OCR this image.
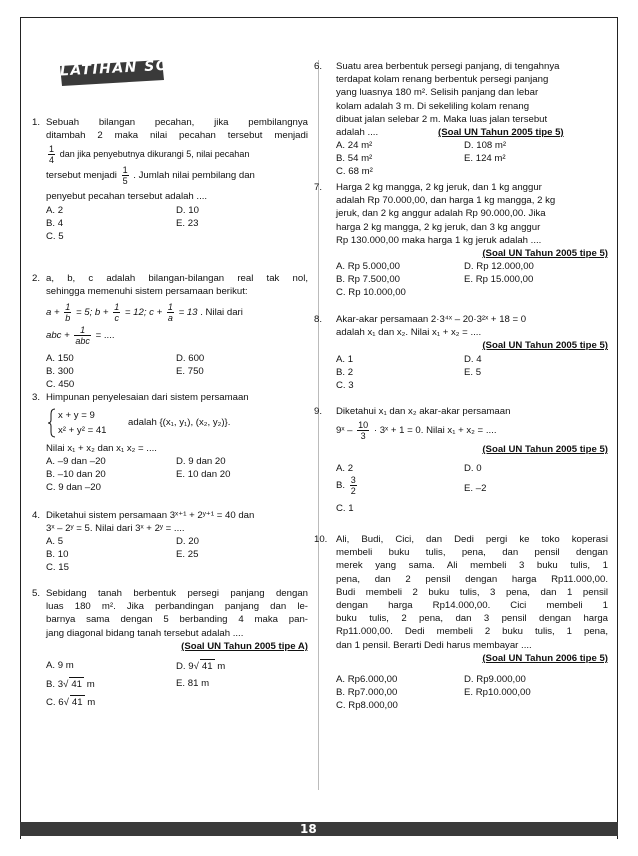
LATIHAN SOAL
1. Sebuah bilangan pecahan, jika pembilangnya
ditambah 2 maka nilai pecahan tersebut menjadi
$\frac{1}{4}$ dan jika penyebutnya dikurangi 5, nilai pecahan
tersebut menjadi $\frac{1}{5}$ . Jumlah nilai pembilang dan
penyebut pecahan tersebut adalah ....
A. 2
B. 4
C. 5
D. 10
E. 23
2. a, b, c adalah bilangan-bilangan real tak nol,
sehingga memenuhi sistem persamaan berikut:
$a + \frac{1}{b} = 5$; $b + \frac{1}{c} = 12$; $c + \frac{1}{a} = 13$ . Nilai dari
abc + $\frac{1}{\text{abc}}$ = ....
A. 150
B. 300
C. 450
D. 600
E. 750
3. Himpunan penyelesaian dari sistem persamaan
x + y = 9
x² + y² = 41
adalah {(x₁, y₁), (x₂, y₂)}.
Nilai x₁ + x₂ dan x₁ x₂ = ....
A. –9 dan –20
B. –10 dan 20
C. 9 dan –20
D. 9 dan 20
E. 10 dan 20
4. Diketahui sistem persamaan 3ˣ⁺¹ + 2ʸ⁺¹ = 40 dan
3ˣ – 2ʸ = 5. Nilai dari 3ˣ + 2ʸ = ....
A. 5
B. 10
C. 15
D. 20
E. 25
5. Sebidang tanah berbentuk persegi panjang dengan
luas 180 m². Jika perbandingan panjang dan le-
barnya sama dengan 5 berbanding 4 maka pan-
jang diagonal bidang tanah tersebut adalah ....
(Soal UN Tahun 2005 tipe A)
A. 9 m
B. 3√ 41 m
C. 6√ 41 m
D. 9√ 41 m
E. 81 m
6. Suatu area berbentuk persegi panjang, di tengahnya
terdapat kolam renang berbentuk persegi panjang
yang luasnya 180 m². Selisih panjang dan lebar
kolam adalah 3 m. Di sekeliling kolam renang
dibuat jalan selebar 2 m. Maka luas jalan tersebut
adalah ....	(Soal UN Tahun 2005 tipe 5)
A. 24 m²
B. 54 m²
C. 68 m²
D. 108 m²
E. 124 m²
7. Harga 2 kg mangga, 2 kg jeruk, dan 1 kg anggur
adalah Rp 70.000,00, dan harga 1 kg mangga, 2 kg
jeruk, dan 2 kg anggur adalah Rp 90.000,00. Jika
harga 2 kg mangga, 2 kg jeruk, dan 3 kg anggur
Rp 130.000,00 maka harga 1 kg jeruk adalah ....
(Soal UN Tahun 2005 tipe 5)
A. Rp 5.000,00
B. Rp 7.500,00
C. Rp 10.000,00
D. Rp 12.000,00
E. Rp 15.000,00
8. Akar-akar persamaan 2·3⁴ˣ – 20·3²ˣ + 18 = 0
adalah x₁ dan x₂. Nilai x₁ + x₂ = ....
(Soal UN Tahun 2005 tipe 5)
A. 1
B. 2
C. 3
D. 4
E. 5
9. Diketahui x₁ dan x₂ akar-akar persamaan
9ˣ – $\frac{10}{3}$ · 3ˣ + 1 = 0. Nilai x₁ + x₂ = ....
(Soal UN Tahun 2005 tipe 5)
A. 2
B. $\frac{3}{2}$
C. 1
D. 0
E. –2
10. Ali, Budi, Cici, dan Dedi pergi ke toko koperasi
membeli buku tulis, pena, dan pensil dengan
merek yang sama. Ali membeli 3 buku tulis, 1
pena, dan 2 pensil dengan harga Rp11.000,00.
Budi membeli 2 buku tulis, 3 pena, dan 1 pensil
dengan harga Rp14.000,00. Cici membeli 1
buku tulis, 2 pena, dan 3 pensil dengan harga
Rp11.000,00. Dedi membeli 2 buku tulis, 1 pena,
dan 1 pensil. Berarti Dedi harus membayar ....
(Soal UN Tahun 2006 tipe 5)
A. Rp6.000,00
B. Rp7.000,00
C. Rp8.000,00
D. Rp9.000,00
E. Rp10.000,00
18
